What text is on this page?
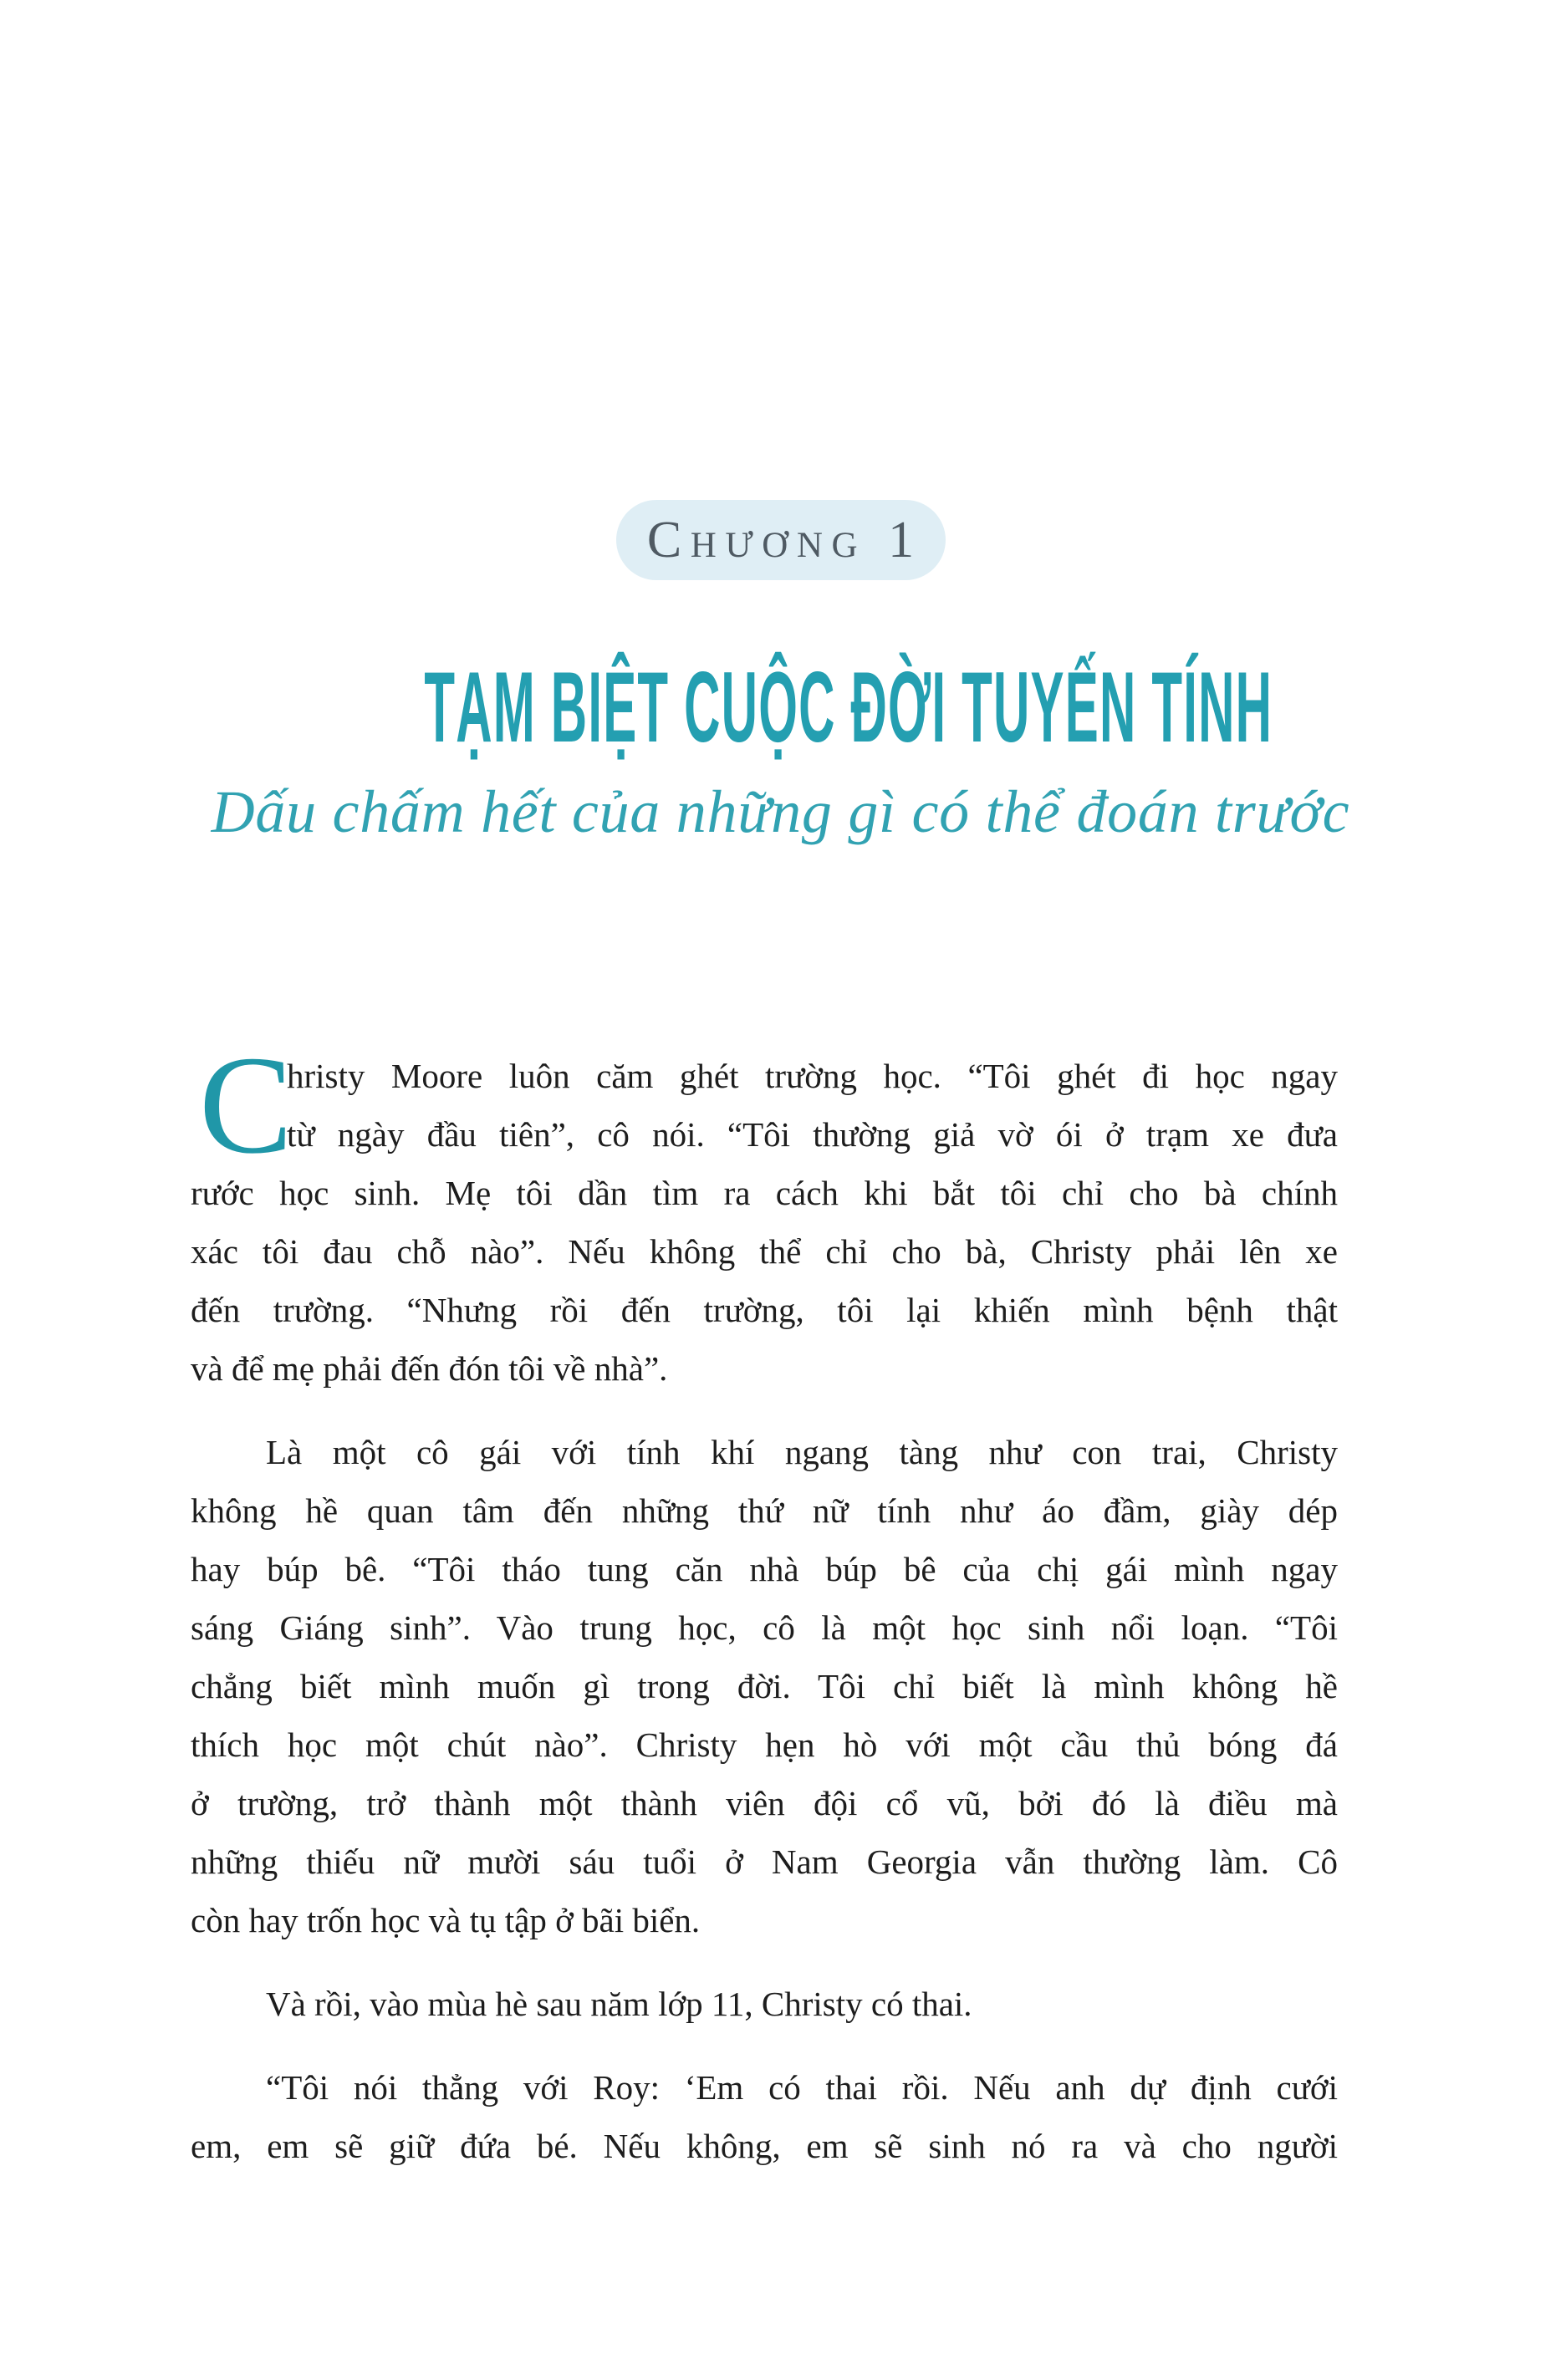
Chương 1
TẠM BIỆT CUỘC ĐỜI TUYẾN TÍNH
Dấu chấm hết của những gì có thể đoán trước
C
hristy Moore luôn căm ghét trường học. “Tôi ghét đi học ngay
từ ngày đầu tiên”, cô nói. “Tôi thường giả vờ ói ở trạm xe đưa
rước học sinh. Mẹ tôi dần tìm ra cách khi bắt tôi chỉ cho bà chính
xác tôi đau chỗ nào”. Nếu không thể chỉ cho bà, Christy phải lên xe
đến trường. “Nhưng rồi đến trường, tôi lại khiến mình bệnh thật
và để mẹ phải đến đón tôi về nhà”.
Là một cô gái với tính khí ngang tàng như con trai, Christy
không hề quan tâm đến những thứ nữ tính như áo đầm, giày dép
hay búp bê. “Tôi tháo tung căn nhà búp bê của chị gái mình ngay
sáng Giáng sinh”. Vào trung học, cô là một học sinh nổi loạn. “Tôi
chẳng biết mình muốn gì trong đời. Tôi chỉ biết là mình không hề
thích học một chút nào”. Christy hẹn hò với một cầu thủ bóng đá
ở trường, trở thành một thành viên đội cổ vũ, bởi đó là điều mà
những thiếu nữ mười sáu tuổi ở Nam Georgia vẫn thường làm. Cô
còn hay trốn học và tụ tập ở bãi biển.
Và rồi, vào mùa hè sau năm lớp 11, Christy có thai.
“Tôi nói thẳng với Roy: ‘Em có thai rồi. Nếu anh dự định cưới
em, em sẽ giữ đứa bé. Nếu không, em sẽ sinh nó ra và cho người
